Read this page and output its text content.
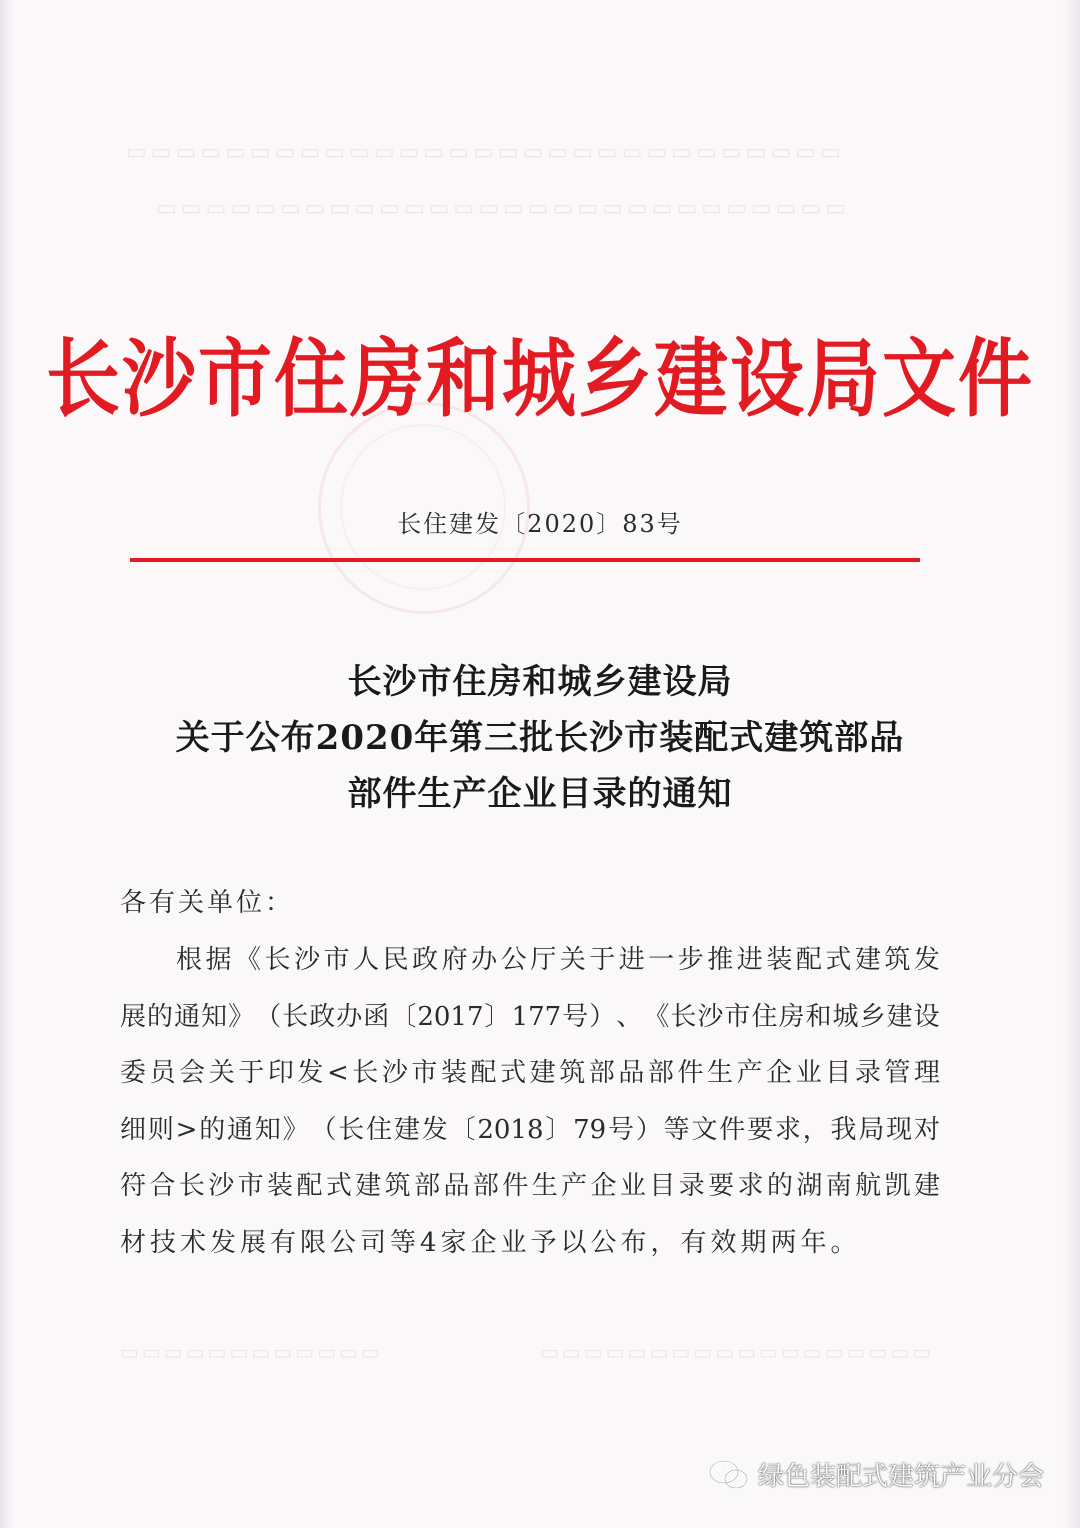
▭▭▭▭▭▭▭▭▭▭▭▭▭▭▭▭▭▭▭▭▭▭▭▭▭▭▭▭▭
▭▭▭▭▭▭▭▭▭▭▭▭▭▭▭▭▭▭▭▭▭▭▭▭▭▭▭▭
▭▭▭▭▭▭▭▭▭▭▭▭	▭▭▭▭▭▭▭▭▭▭▭▭▭▭▭▭▭▭
长沙市住房和城乡建设局文件
长住建发〔2020〕83号
长沙市住房和城乡建设局
关于公布2020年第三批长沙市装配式建筑部品
部件生产企业目录的通知
各有关单位：
根 据 《 长 沙 市 人 民 政 府 办 公 厅 关 于 进 一 步 推 进 装 配 式 建 筑 发
展 的 通 知 》 （ 长 政 办 函 〔 2017 〕 177 号 ） 、 《 长 沙 市 住 房 和 城 乡 建 设
委 员 会 关 于 印 发 < 长 沙 市 装 配 式 建 筑 部 品 部 件 生 产 企 业 目 录 管 理
细 则 > 的 通 知 》 （ 长 住 建 发 〔 2018 〕 79 号 ） 等 文 件 要 求 ， 我 局 现 对
符 合 长 沙 市 装 配 式 建 筑 部 品 部 件 生 产 企 业 目 录 要 求 的 湖 南 航 凯 建
材技术发展有限公司等4家企业予以公布，有效期两年。
绿色装配式建筑产业分会
